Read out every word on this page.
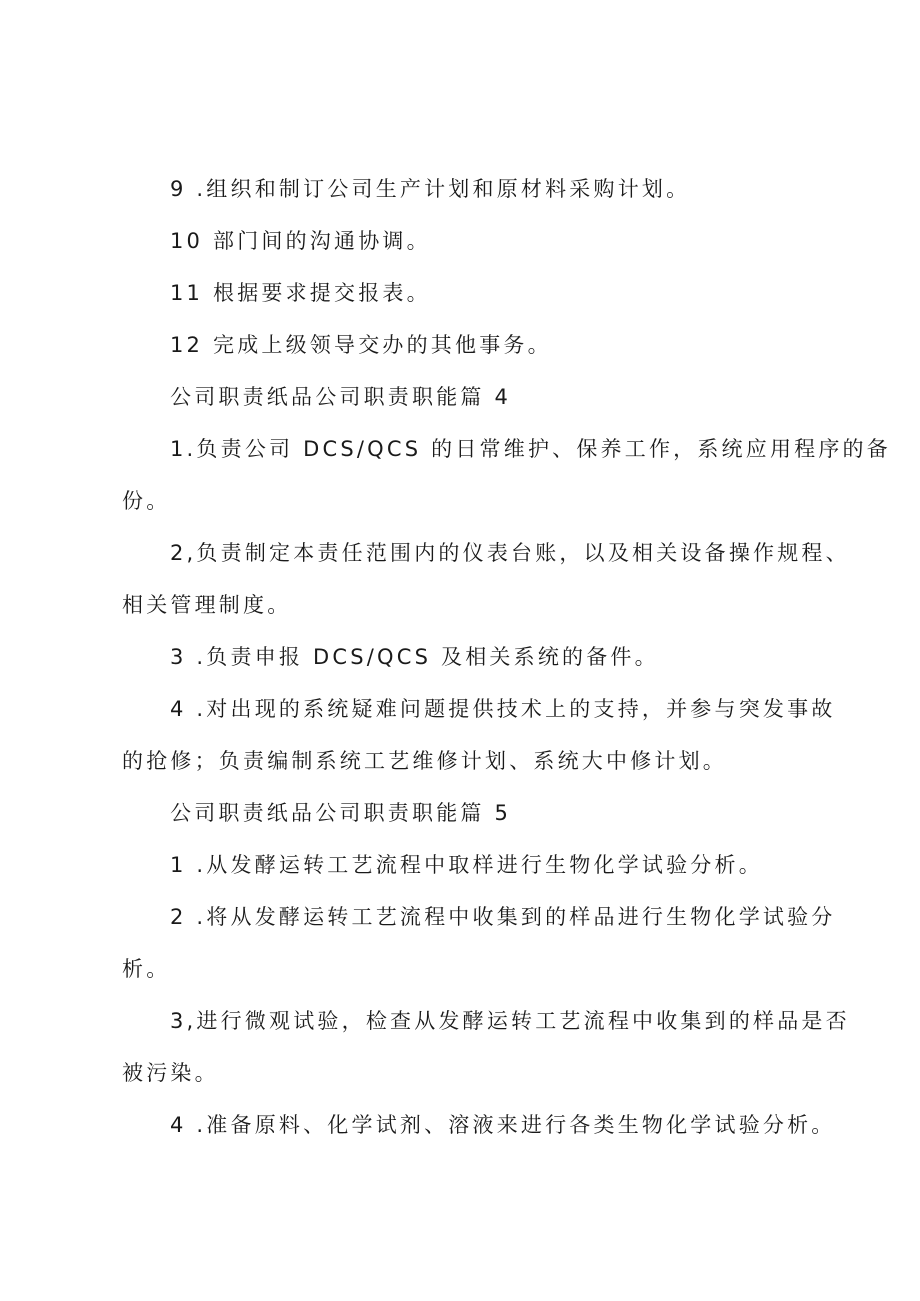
9 .组织和制订公司生产计划和原材料采购计划。

10 部门间的沟通协调。

11 根据要求提交报表。

12 完成上级领导交办的其他事务。

公司职责纸品公司职责职能篇 4

1.负责公司 DCS/QCS 的日常维护、保养工作，系统应用程序的备

份。

2,负责制定本责任范围内的仪表台账，以及相关设备操作规程、

相关管理制度。

3 .负责申报 DCS/QCS 及相关系统的备件。

4 .对出现的系统疑难问题提供技术上的支持，并参与突发事故

的抢修；负责编制系统工艺维修计划、系统大中修计划。

公司职责纸品公司职责职能篇 5

1 .从发酵运转工艺流程中取样进行生物化学试验分析。

2 .将从发酵运转工艺流程中收集到的样品进行生物化学试验分

析。

3,进行微观试验，检查从发酵运转工艺流程中收集到的样品是否

被污染。

4 .准备原料、化学试剂、溶液来进行各类生物化学试验分析。
